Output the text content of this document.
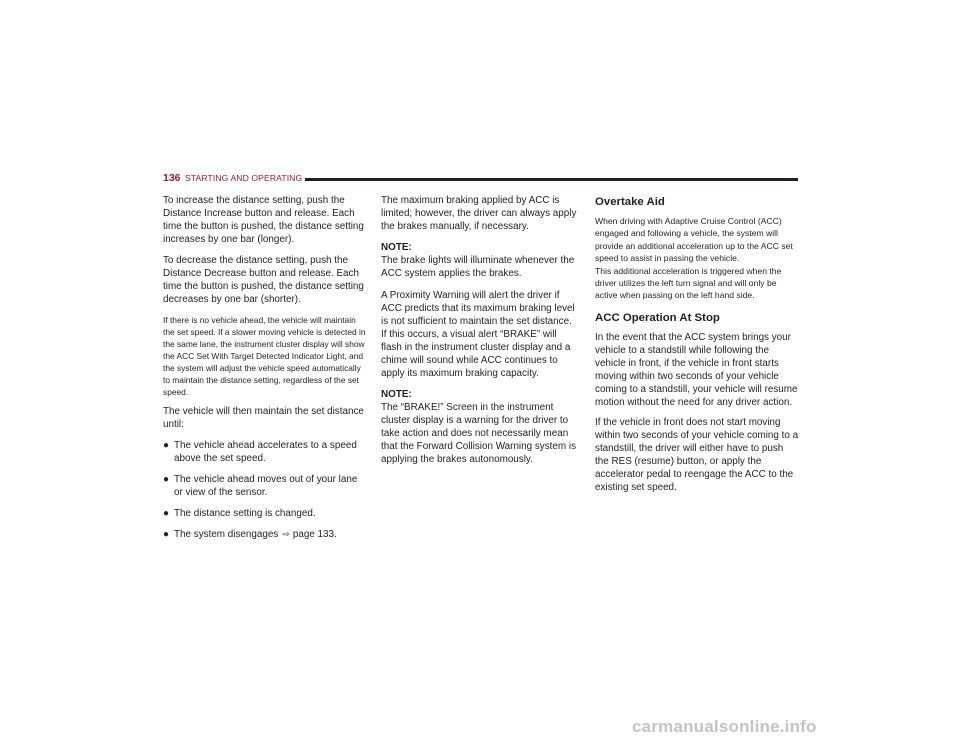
136 STARTING AND OPERATING

To increase the distance setting, push the Distance Increase button and release. Each time the button is pushed, the distance setting increases by one bar (longer).

To decrease the distance setting, push the Distance Decrease button and release. Each time the button is pushed, the distance setting decreases by one bar (shorter).

If there is no vehicle ahead, the vehicle will maintain the set speed. If a slower moving vehicle is detected in the same lane, the instrument cluster display will show the ACC Set With Target Detected Indicator Light, and the system will adjust the vehicle speed automatically to maintain the distance setting, regardless of the set speed.

The vehicle will then maintain the set distance until:

● The vehicle ahead accelerates to a speed above the set speed.
● The vehicle ahead moves out of your lane or view of the sensor.
● The distance setting is changed.
● The system disengages ⇨ page 133.

The maximum braking applied by ACC is limited; however, the driver can always apply the brakes manually, if necessary.

NOTE:

The brake lights will illuminate whenever the ACC system applies the brakes.

A Proximity Warning will alert the driver if ACC predicts that its maximum braking level is not sufficient to maintain the set distance. If this occurs, a visual alert “BRAKE” will flash in the instrument cluster display and a chime will sound while ACC continues to apply its maximum braking capacity.

NOTE:

The “BRAKE!” Screen in the instrument cluster display is a warning for the driver to take action and does not necessarily mean that the Forward Collision Warning system is applying the brakes autonomously.

Overtake Aid

When driving with Adaptive Cruise Control (ACC) engaged and following a vehicle, the system will provide an additional acceleration up to the ACC set speed to assist in passing the vehicle.

This additional acceleration is triggered when the driver utilizes the left turn signal and will only be active when passing on the left hand side.

ACC Operation At Stop

In the event that the ACC system brings your vehicle to a standstill while following the vehicle in front, if the vehicle in front starts moving within two seconds of your vehicle coming to a standstill, your vehicle will resume motion without the need for any driver action.

If the vehicle in front does not start moving within two seconds of your vehicle coming to a standstill, the driver will either have to push the RES (resume) button, or apply the accelerator pedal to reengage the ACC to the existing set speed.

carmanualsonline.info
